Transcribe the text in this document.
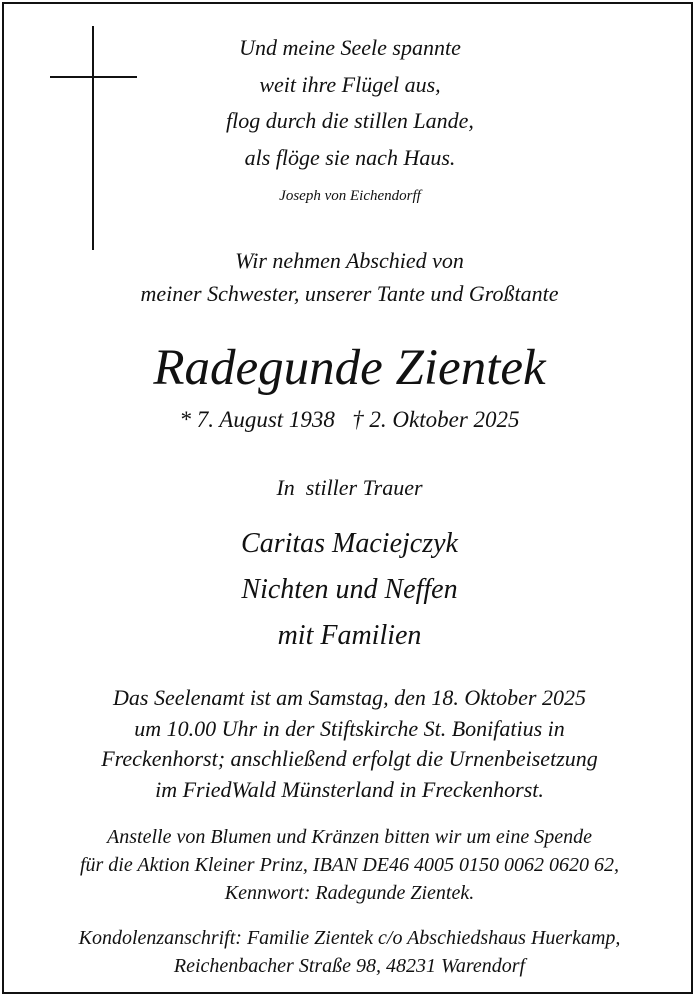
Und meine Seele spannte
weit ihre Flügel aus,
flog durch die stillen Lande,
als flöge sie nach Haus.
Joseph von Eichendorff
Wir nehmen Abschied von
meiner Schwester, unserer Tante und Großtante
Radegunde Zientek
* 7. August 1938   † 2. Oktober 2025
In  stiller Trauer
Caritas Maciejczyk
Nichten und Neffen
mit Familien
Das Seelenamt ist am Samstag, den 18. Oktober 2025
um 10.00 Uhr in der Stiftskirche St. Bonifatius in
Freckenhorst; anschließend erfolgt die Urnenbeisetzung
im FriedWald Münsterland in Freckenhorst.
Anstelle von Blumen und Kränzen bitten wir um eine Spende
für die Aktion Kleiner Prinz, IBAN DE46 4005 0150 0062 0620 62,
Kennwort: Radegunde Zientek.
Kondolenzanschrift: Familie Zientek c/o Abschiedshaus Huerkamp,
Reichenbacher Straße 98, 48231 Warendorf
